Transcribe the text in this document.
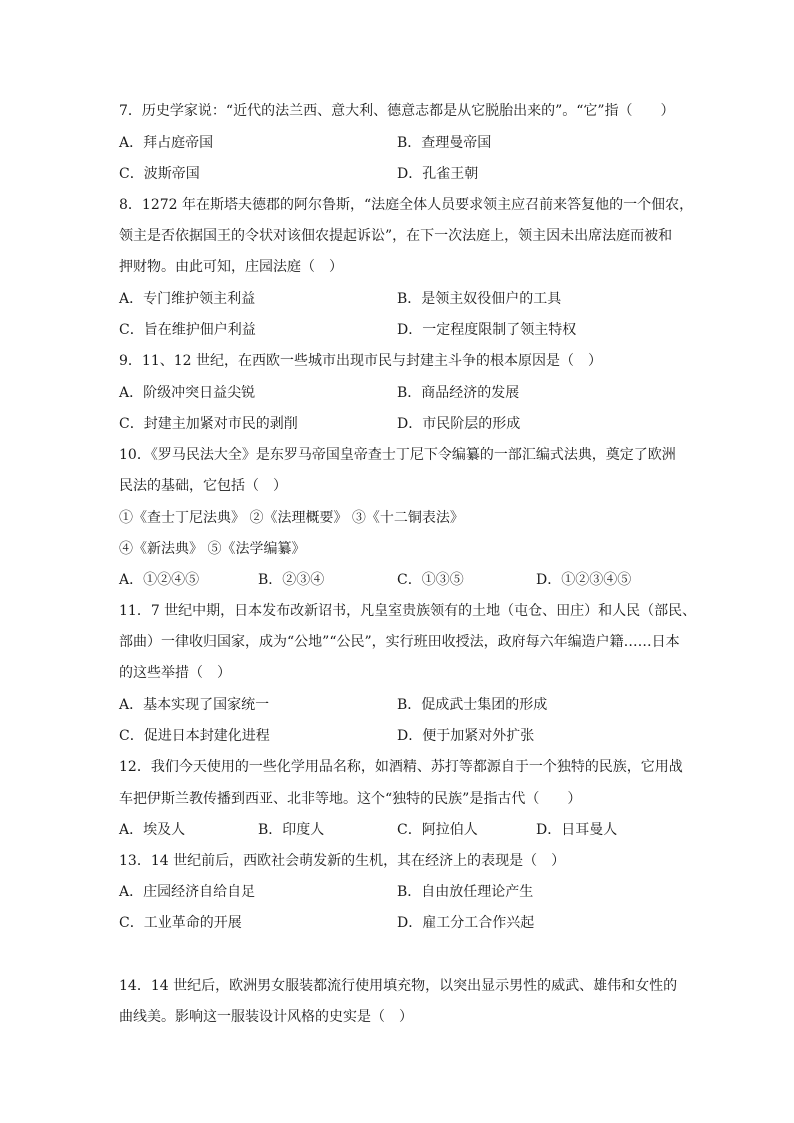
7．历史学家说：“近代的法兰西、意大利、德意志都是从它脱胎出来的”。“它”指（　　）
A．拜占庭帝国	B．查理曼帝国
C．波斯帝国	D．孔雀王朝
8．1272 年在斯塔夫德郡的阿尔鲁斯，“法庭全体人员要求领主应召前来答复他的一个佃农，
领主是否依据国王的令状对该佃农提起诉讼”，在下一次法庭上，领主因未出席法庭而被和
押财物。由此可知，庄园法庭（　）
A．专门维护领主利益	B．是领主奴役佃户的工具
C．旨在维护佃户利益	D．一定程度限制了领主特权
9．11、12 世纪，在西欧一些城市出现市民与封建主斗争的根本原因是（　）
A．阶级冲突日益尖锐	B．商品经济的发展
C．封建主加紧对市民的剥削	D．市民阶层的形成
10．《罗马民法大全》是东罗马帝国皇帝查士丁尼下令编纂的一部汇编式法典，奠定了欧洲
民法的基础，它包括（　）
①《查士丁尼法典》 ②《法理概要》 ③《十二铜表法》
④《新法典》 ⑤《法学编纂》
A．①②④⑤	B．②③④	C．①③⑤	D．①②③④⑤
11．7 世纪中期，日本发布改新诏书，凡皇室贵族领有的土地（屯仓、田庄）和人民（部民、
部曲）一律收归国家，成为“公地”“公民”，实行班田收授法，政府每六年编造户籍……日本
的这些举措（　）
A．基本实现了国家统一	B．促成武士集团的形成
C．促进日本封建化进程	D．便于加紧对外扩张
12．我们今天使用的一些化学用品名称，如酒精、苏打等都源自于一个独特的民族，它用战
车把伊斯兰教传播到西亚、北非等地。这个“独特的民族”是指古代（　　）
A．埃及人	B．印度人	C．阿拉伯人	D．日耳曼人
13．14 世纪前后，西欧社会萌发新的生机，其在经济上的表现是（　）
A．庄园经济自给自足	B．自由放任理论产生
C．工业革命的开展	D．雇工分工合作兴起
14．14 世纪后，欧洲男女服装都流行使用填充物，以突出显示男性的威武、雄伟和女性的
曲线美。影响这一服装设计风格的史实是（　）
